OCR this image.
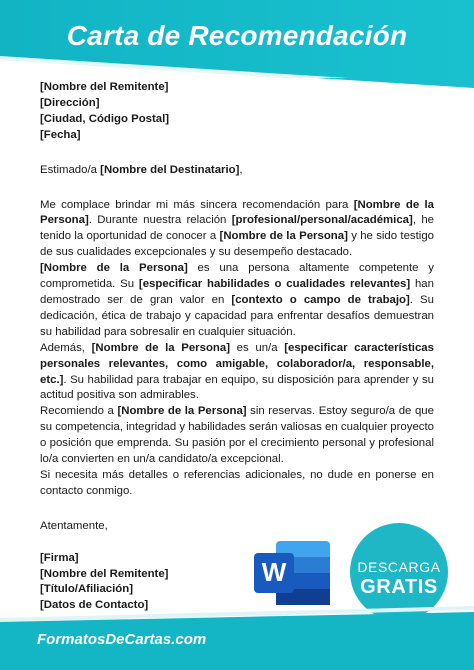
Carta de Recomendación
[Nombre del Remitente]
[Dirección]
[Ciudad, Código Postal]
[Fecha]
Estimado/a [Nombre del Destinatario],

Me complace brindar mi más sincera recomendación para [Nombre de la Persona]. Durante nuestra relación [profesional/personal/académica], he tenido la oportunidad de conocer a [Nombre de la Persona] y he sido testigo de sus cualidades excepcionales y su desempeño destacado.

[Nombre de la Persona] es una persona altamente competente y comprometida. Su [especificar habilidades o cualidades relevantes] han demostrado ser de gran valor en [contexto o campo de trabajo]. Su dedicación, ética de trabajo y capacidad para enfrentar desafíos demuestran su habilidad para sobresalir en cualquier situación.

Además, [Nombre de la Persona] es un/a [especificar características personales relevantes, como amigable, colaborador/a, responsable, etc.]. Su habilidad para trabajar en equipo, su disposición para aprender y su actitud positiva son admirables.

Recomiendo a [Nombre de la Persona] sin reservas. Estoy seguro/a de que su competencia, integridad y habilidades serán valiosas en cualquier proyecto o posición que emprenda. Su pasión por el crecimiento personal y profesional lo/a convierten en un/a candidato/a excepcional.

Si necesita más detalles o referencias adicionales, no dude en ponerse en contacto conmigo.

Atentamente,
[Firma]
[Nombre del Remitente]
[Título/Afiliación]
[Datos de Contacto]
W	DESCARGA
GRATIS
FormatosDeCartas.com
